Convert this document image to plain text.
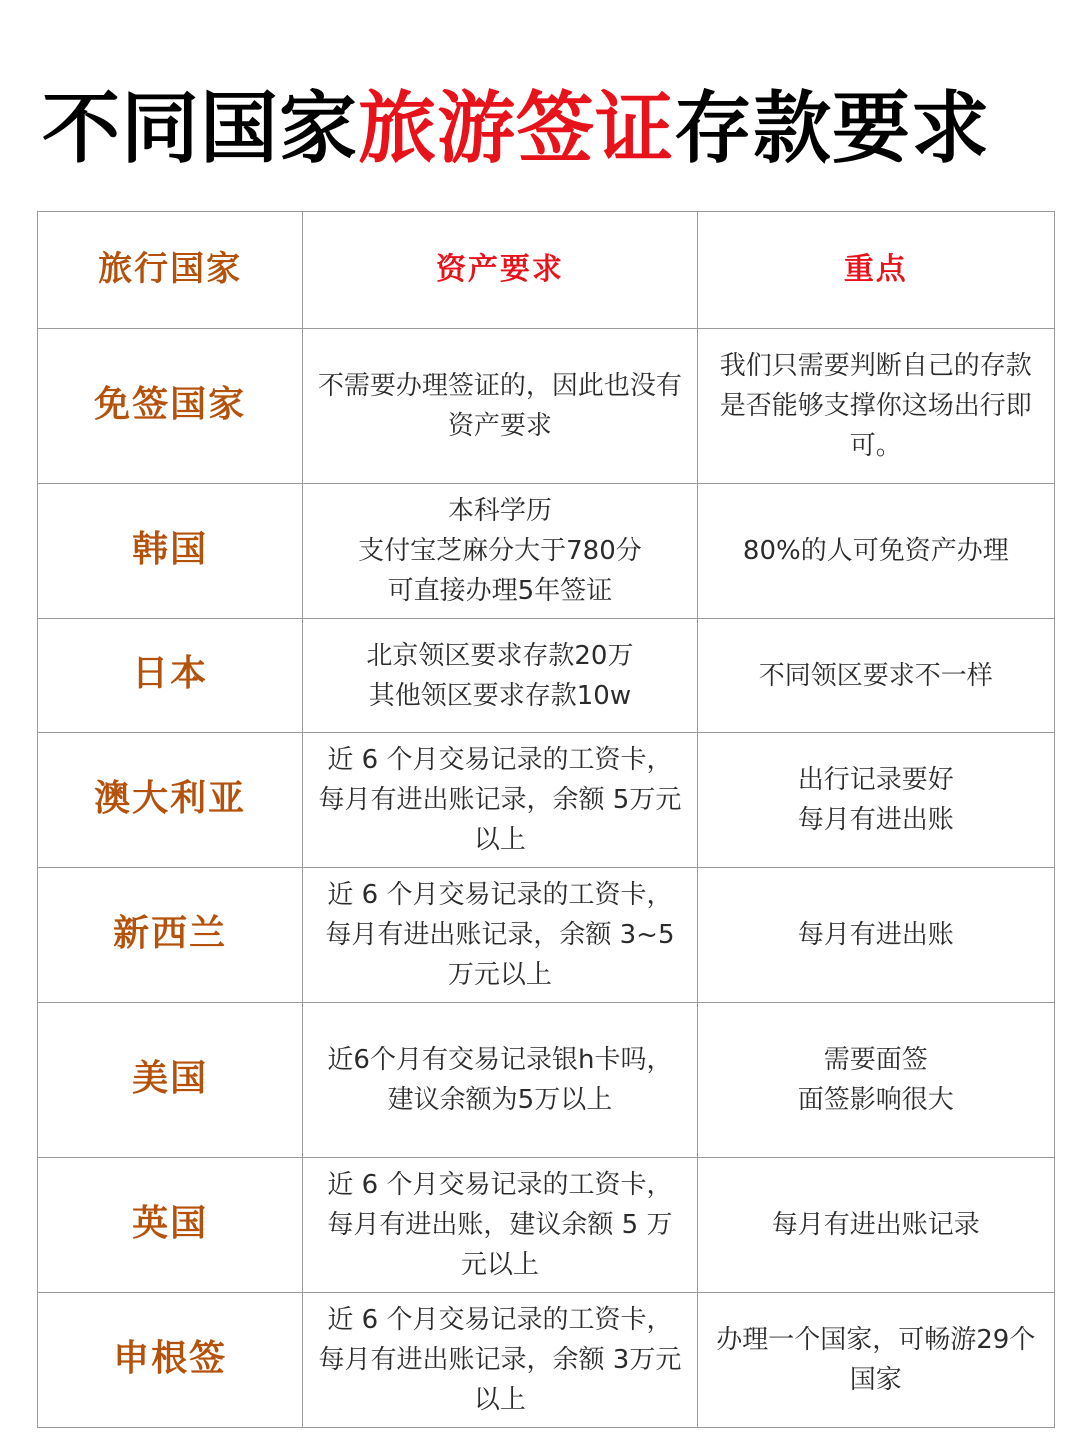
不同国家旅游签证存款要求
旅行国家	资产要求	重点
免签国家	不需要办理签证的，因此也没有
资产要求	我们只需要判断自己的存款
是否能够支撑你这场出行即
可。
韩国	本科学历
支付宝芝麻分大于780分
可直接办理5年签证	80%的人可免资产办理
日本	北京领区要求存款20万
其他领区要求存款10w	不同领区要求不一样
澳大利亚	近 6 个月交易记录的工资卡，
每月有进出账记录，余额 5万元
以上	出行记录要好
每月有进出账
新西兰	近 6 个月交易记录的工资卡，
每月有进出账记录，余额 3~5
万元以上	每月有进出账
美国	近6个月有交易记录银h卡吗，
建议余额为5万以上	需要面签
面签影响很大
英国	近 6 个月交易记录的工资卡，
每月有进出账，建议余额 5 万
元以上	每月有进出账记录
申根签	近 6 个月交易记录的工资卡，
每月有进出账记录，余额 3万元
以上	办理一个国家，可畅游29个
国家
